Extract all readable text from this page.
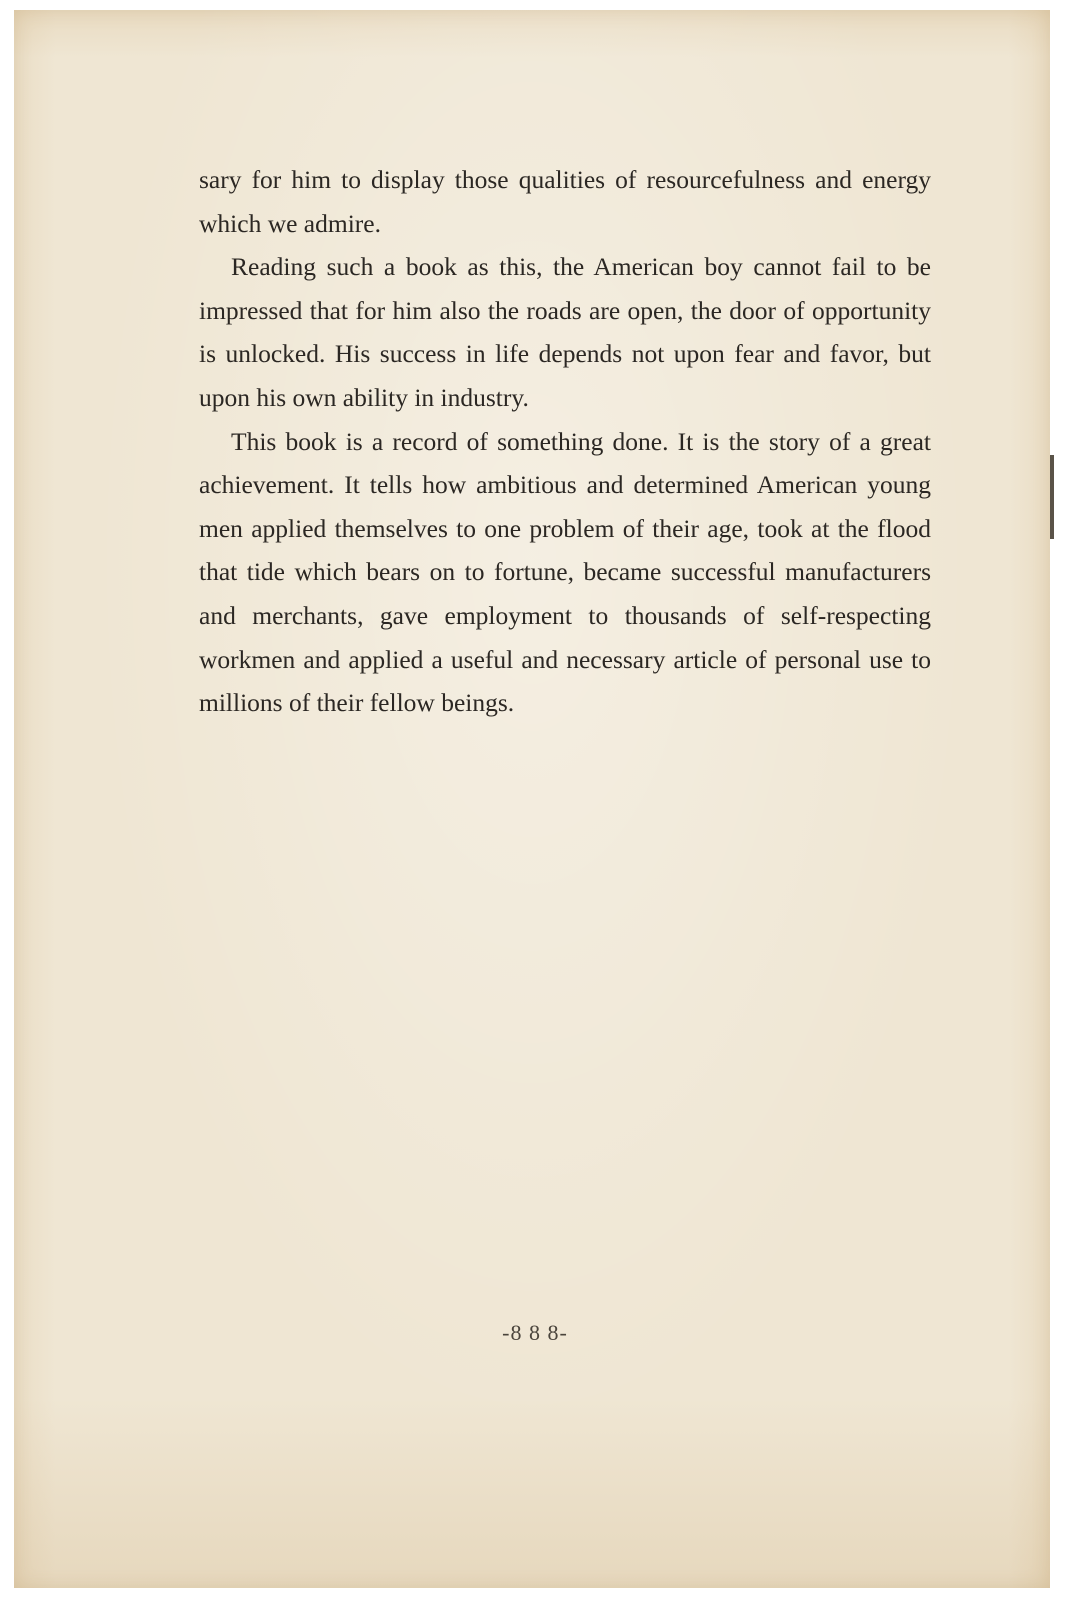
sary for him to display those qualities of resourcefulness and energy which we admire.

Reading such a book as this, the American boy cannot fail to be impressed that for him also the roads are open, the door of opportunity is unlocked. His success in life depends not upon fear and favor, but upon his own ability in industry.

This book is a record of something done. It is the story of a great achievement. It tells how ambitious and determined American young men applied themselves to one problem of their age, took at the flood that tide which bears on to fortune, became successful manufacturers and merchants, gave employment to thousands of self-respecting workmen and applied a useful and necessary article of personal use to millions of their fellow beings.

-8 8 8-
